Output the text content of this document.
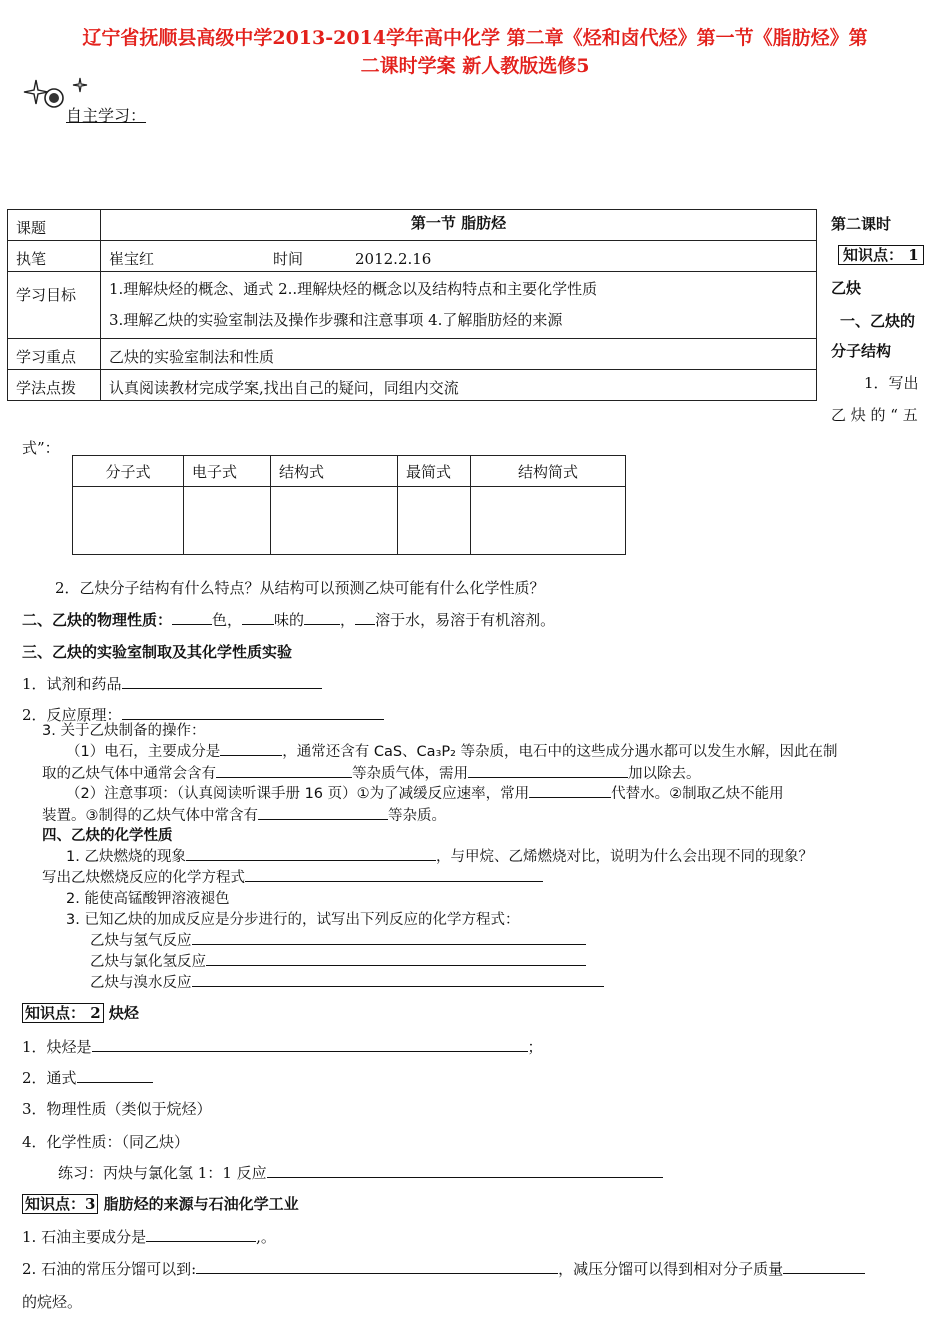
辽宁省抚顺县高级中学2013-2014学年高中化学 第二章《烃和卤代烃》第一节《脂肪烃》第
二课时学案 新人教版选修5
自主学习：
课题	第一节 脂肪烃
执笔	崔宝红 时间 2012.2.16
学习目标	1.理解炔烃的概念、通式 2..理解炔烃的概念以及结构特点和主要化学性质
3.理解乙炔的实验室制法及操作步骤和注意事项 4.了解脂肪烃的来源

学习重点	乙炔的实验室制法和性质
学法点拨	认真阅读教材完成学案,找出自己的疑问，同组内交流
第二课时
知识点： 1
乙炔
一、乙炔的
分子结构
1．写出
乙 炔 的 “ 五
式”：
分子式	电子式	结构式	最简式	结构简式

2．乙炔分子结构有什么特点？从结构可以预测乙炔可能有什么化学性质？
二、乙炔的物理性质：	色， 味的 ， 溶于水，易溶于有机溶剂。
三、乙炔的实验室制取及其化学性质实验
1．试剂和药品
2．反应原理：
3. 关于乙炔制备的操作：
（1）电石，主要成分是	，通常还含有 CaS、Ca₃P₂ 等杂质，电石中的这些成分遇水都可以发生水解，因此在制
取的乙炔气体中通常会含有	等杂质气体，需用	加以除去。
（2）注意事项：（认真阅读听课手册 16 页）①为了减缓反应速率，常用	代替水。②制取乙炔不能用
装置。③制得的乙炔气体中常含有	等杂质。
四、乙炔的化学性质
1. 乙炔燃烧的现象	，与甲烷、乙烯燃烧对比，说明为什么会出现不同的现象？
写出乙炔燃烧反应的化学方程式
2. 能使高锰酸钾溶液褪色
3. 已知乙炔的加成反应是分步进行的，试写出下列反应的化学方程式：
乙炔与氢气反应
乙炔与氯化氢反应
乙炔与溴水反应
知识点： 2 炔烃
1．炔烃是	；
2．通式
3．物理性质（类似于烷烃）
4．化学性质：（同乙炔）
练习：丙炔与氯化氢 1：1 反应
知识点：3 脂肪烃的来源与石油化学工业
1. 石油主要成分是	,。
2. 石油的常压分馏可以到:	，减压分馏可以得到相对分子质量
的烷烃。
